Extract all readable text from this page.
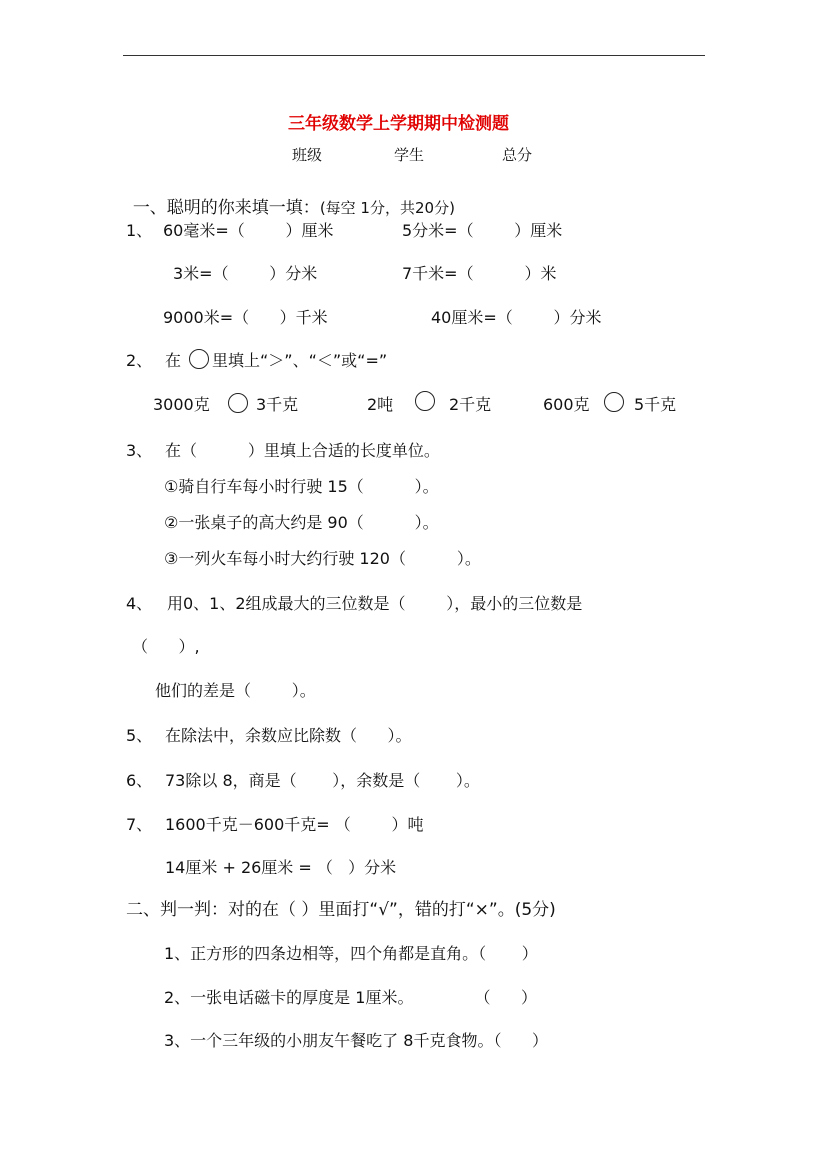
三年级数学上学期期中检测题
班级	学生	总分

一、聪明的你来填一填：(每空 1分，共20分)

1、 60毫米=（        ）厘米	5分米=（        ）厘米
3米=（        ）分米	7千米=（          ）米
9000米=（      ）千米	40厘米=（        ）分米
2、 在 里填上“＞”、“＜”或“=”
3000克	3千克	2吨	2千克	600克	5千克
3、 在（          ）里填上合适的长度单位。
①骑自行车每小时行驶 15（          ）。
②一张桌子的高大约是 90（          ）。
③一列火车每小时大约行驶 120（          ）。
4、 用0、1、2组成最大的三位数是（        ），最小的三位数是
（      ）,
他们的差是（        ）。
5、 在除法中，余数应比除数（      ）。
6、 73除以 8，商是（       ），余数是（       ）。
7、 1600千克－600千克= （        ）吨
14厘米 + 26厘米 = （   ）分米
二、判一判：对的在（ ）里面打“√”，错的打“×”。(5分)
1、正方形的四条边相等，四个角都是直角。（       ）
2、一张电话磁卡的厚度是 1厘米。            （      ）
3、一个三年级的小朋友午餐吃了 8千克食物。（      ）
